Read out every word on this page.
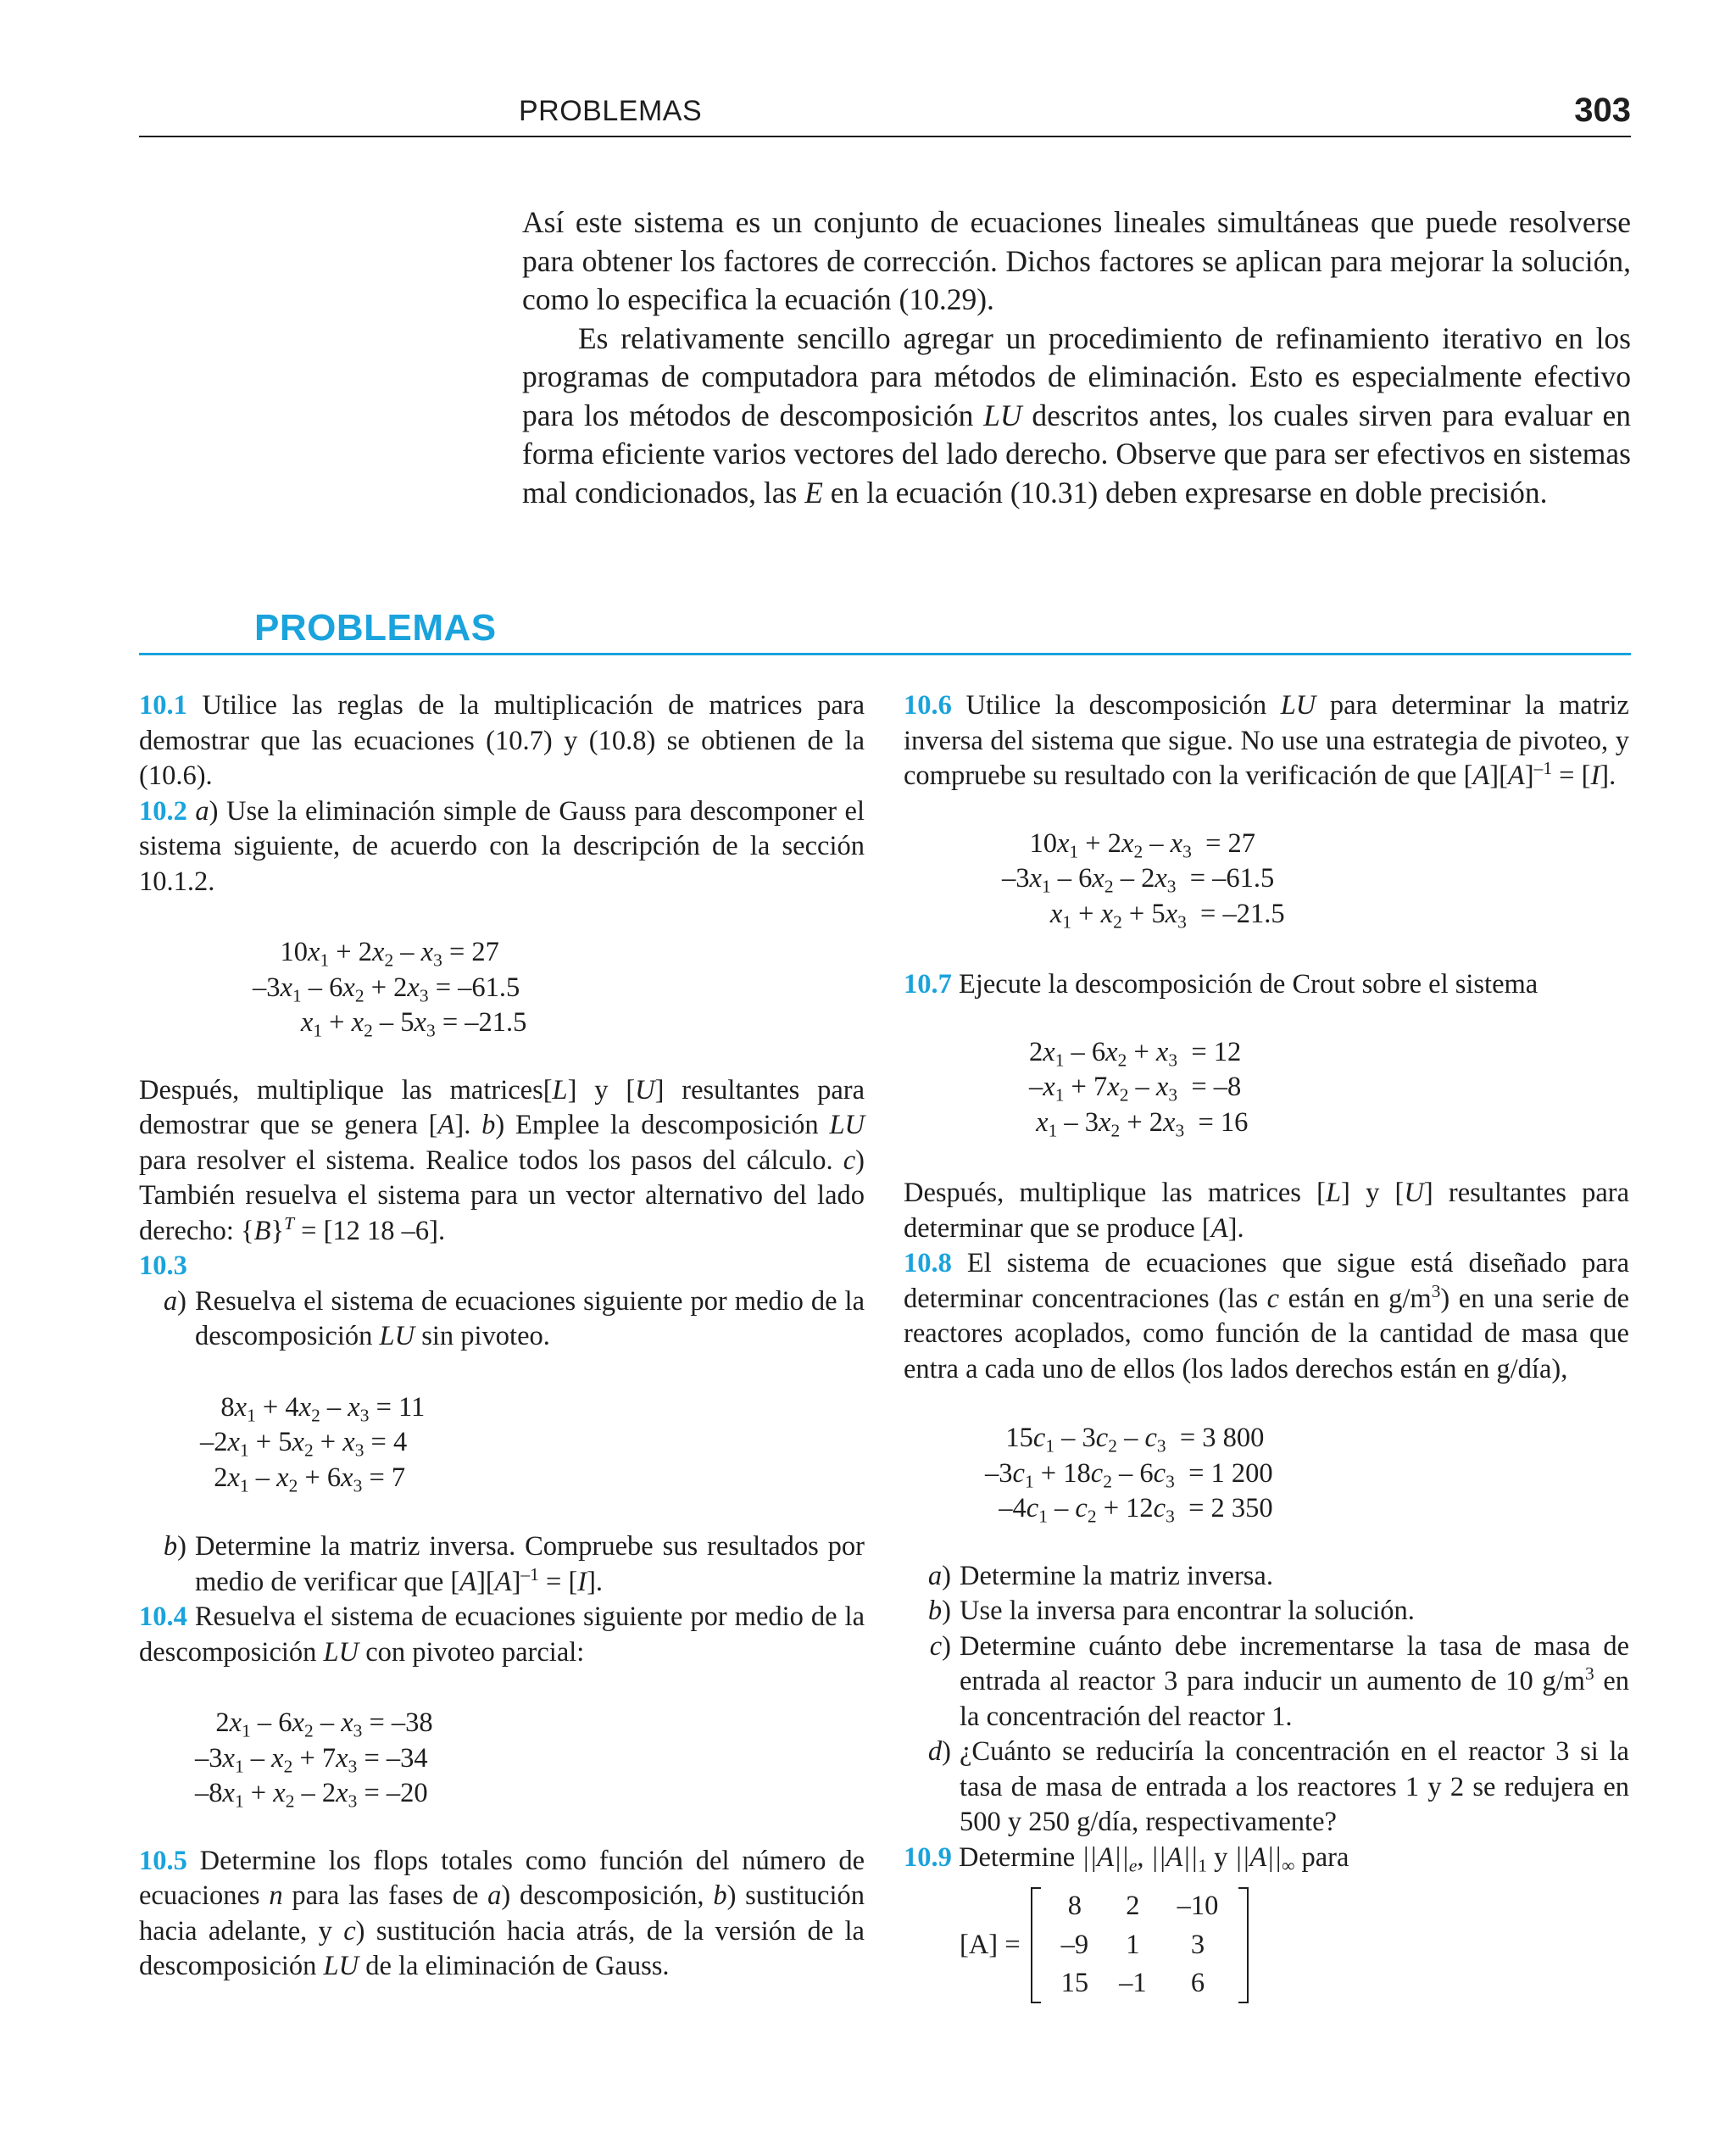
PROBLEMAS	303

Así este sistema es un conjunto de ecuaciones lineales simultáneas que puede resolverse para obtener los factores de corrección. Dichos factores se aplican para mejorar la solución, como lo especifica la ecuación (10.29).

Es relativamente sencillo agregar un procedimiento de refinamiento iterativo en los programas de computadora para métodos de eliminación. Esto es especialmente efectivo para los métodos de descomposición LU descritos antes, los cuales sirven para evaluar en forma eficiente varios vectores del lado derecho. Observe que para ser efectivos en sistemas mal condicionados, las E en la ecuación (10.31) deben expresarse en doble precisión.

PROBLEMAS

10.1 Utilice las reglas de la multiplicación de matrices para demostrar que las ecuaciones (10.7) y (10.8) se obtienen de la (10.6).

10.2 a) Use la eliminación simple de Gauss para descomponer el sistema siguiente, de acuerdo con la descripción de la sección 10.1.2.

$10x_1 + 2x_2 - x_3 = 27$
$-3x_1 - 6x_2 + 2x_3 = -61.5$
$x_1 + x_2 - 5x_3 = -21.5$

Después, multiplique las matrices[L] y [U] resultantes para demostrar que se genera [A]. b) Emplee la descomposición LU para resolver el sistema. Realice todos los pasos del cálculo. c) También resuelva el sistema para un vector alternativo del lado derecho: $\{B\}^T = [12$ 18 –6].

10.3

a) Resuelva el sistema de ecuaciones siguiente por medio de la descomposición LU sin pivoteo.
$8x_1 + 4x_2 - x_3 = 11$
$-2x_1 + 5x_2 + x_3 = 4$
$2x_1 - x_2 + 6x_3 = 7$
b) Determine la matriz inversa. Compruebe sus resultados por medio de verificar que $[A][A]^{-1} = [I]$.

10.4 Resuelva el sistema de ecuaciones siguiente por medio de la descomposición LU con pivoteo parcial:

$2x_1 - 6x_2 - x_3 = -38$
$-3x_1 - x_2 + 7x_3 = -34$
$-8x_1 + x_2 - 2x_3 = -20$

10.5 Determine los flops totales como función del número de ecuaciones n para las fases de a) descomposición, b) sustitución hacia adelante, y c) sustitución hacia atrás, de la versión de la descomposición LU de la eliminación de Gauss.

10.6 Utilice la descomposición LU para determinar la matriz inversa del sistema que sigue. No use una estrategia de pivoteo, y compruebe su resultado con la verificación de que $[A][A]^{-1} = [I]$.

$10x_1 + 2x_2 - x_3 = 27$
$-3x_1 - 6x_2 - 2x_3 = -61.5$
$x_1 + x_2 + 5x_3 = -21.5$

10.7 Ejecute la descomposición de Crout sobre el sistema

$2x_1 - 6x_2 + x_3 = 12$
$-x_1 + 7x_2 - x_3 = -8$
$x_1 - 3x_2 + 2x_3 = 16$

Después, multiplique las matrices [L] y [U] resultantes para determinar que se produce [A].

10.8 El sistema de ecuaciones que sigue está diseñado para determinar concentraciones (las c están en $g/m^3$) en una serie de reactores acoplados, como función de la cantidad de masa que entra a cada uno de ellos (los lados derechos están en g/día),

$15c_1 - 3c_2 - c_3 = 3$ 800
$-3c_1 + 18c_2 - 6c_3 = 1$ 200
$-4c_1 - c_2 + 12c_3 = 2$ 350
a) Determine la matriz inversa.
b) Use la inversa para encontrar la solución.
c) Determine cuánto debe incrementarse la tasa de masa de entrada al reactor 3 para inducir un aumento de 10 $g/m^3$ en la concentración del reactor 1.
d) ¿Cuánto se reduciría la concentración en el reactor 3 si la tasa de masa de entrada a los reactores 1 y 2 se redujera en 500 y 250 g/día, respectivamente?

10.9 Determine $||A||_e$, $||A||_1$ y $||A||_\infty$ para

[A] =
8	2	–10
–9	1	3
15	–1	6
